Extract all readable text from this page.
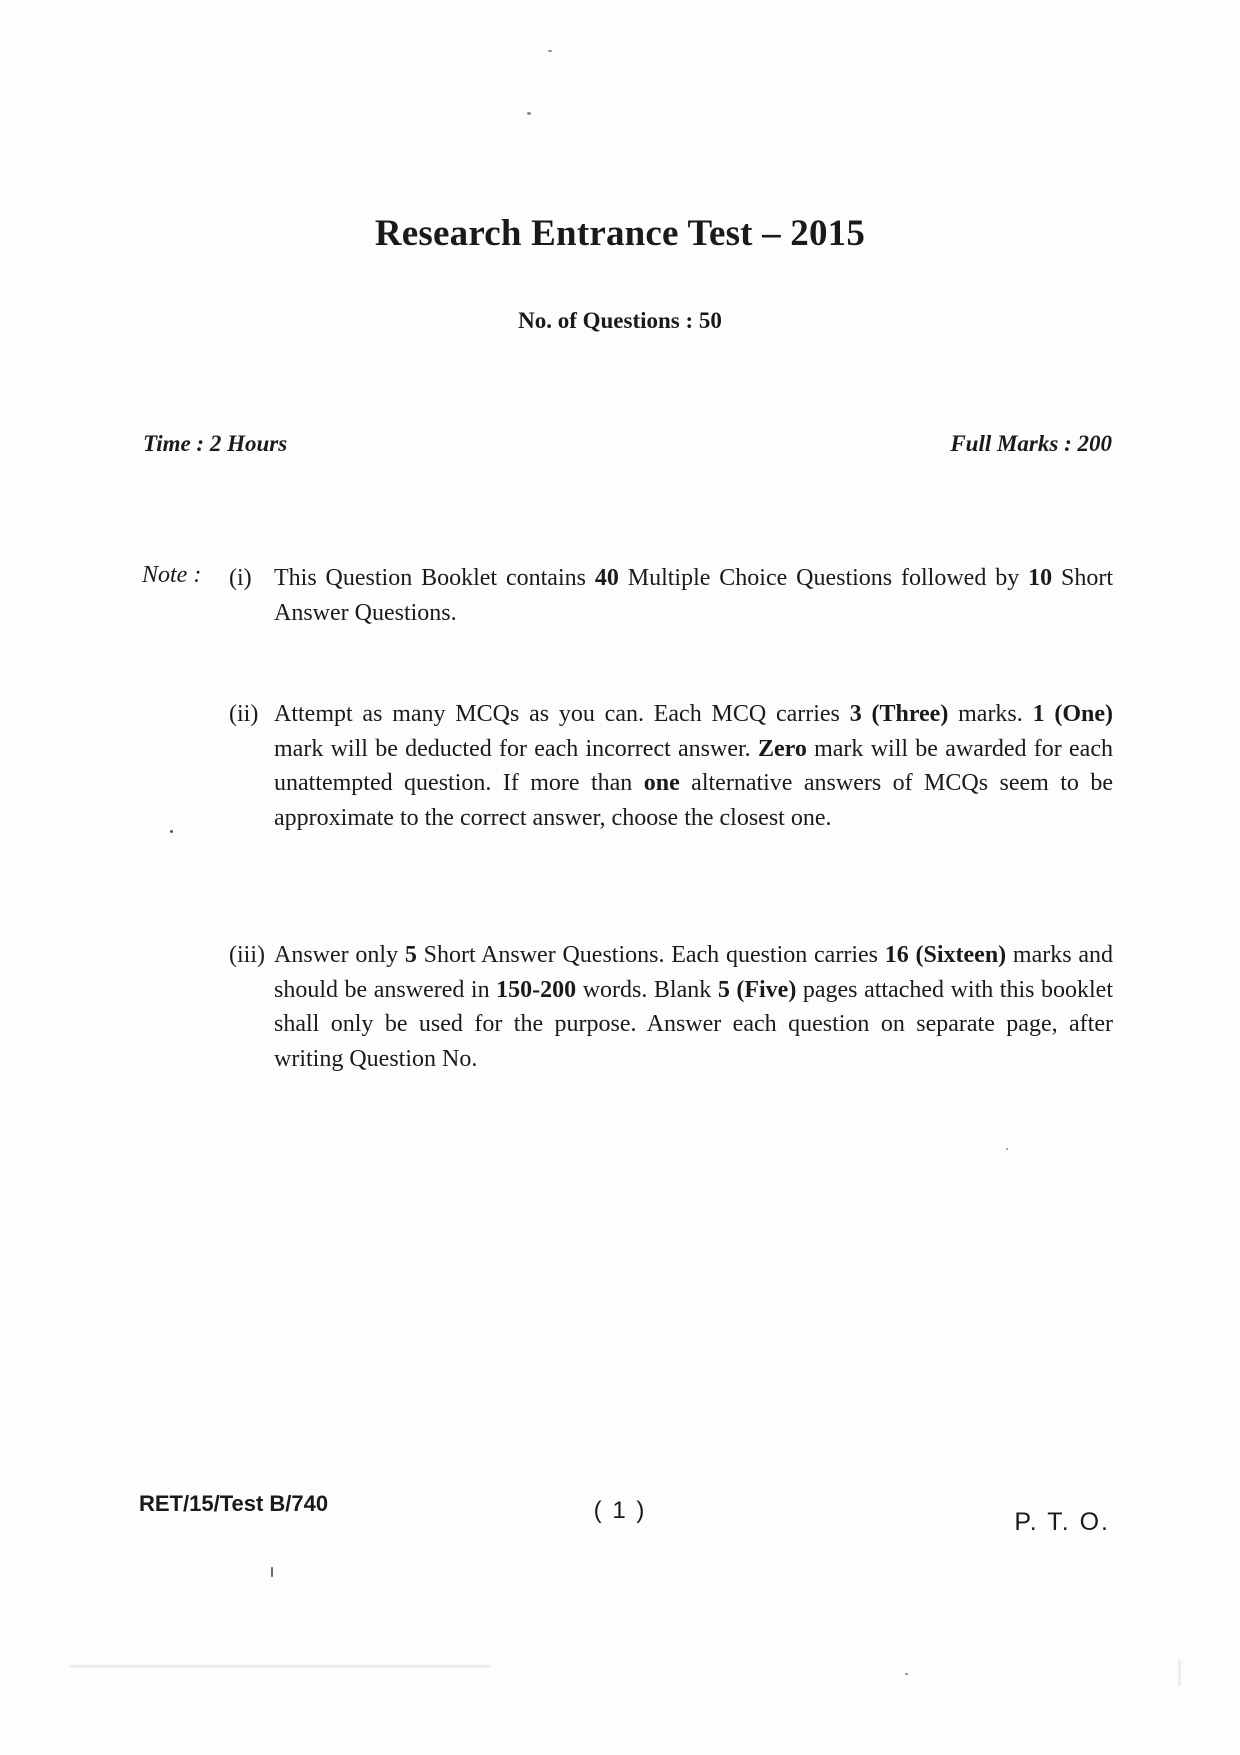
Research Entrance Test – 2015
No. of Questions : 50
Time : 2 Hours	Full Marks : 200
Note : (i) This Question Booklet contains 40 Multiple Choice Questions followed by 10 Short Answer Questions.
(ii) Attempt as many MCQs as you can. Each MCQ carries 3 (Three) marks. 1 (One) mark will be deducted for each incorrect answer. Zero mark will be awarded for each unattempted question. If more than one alternative answers of MCQs seem to be approximate to the correct answer, choose the closest one.
(iii) Answer only 5 Short Answer Questions. Each question carries 16 (Sixteen) marks and should be answered in 150-200 words. Blank 5 (Five) pages attached with this booklet shall only be used for the purpose. Answer each question on separate page, after writing Question No.
RET/15/Test B/740	( 1 )	P. T. O.
